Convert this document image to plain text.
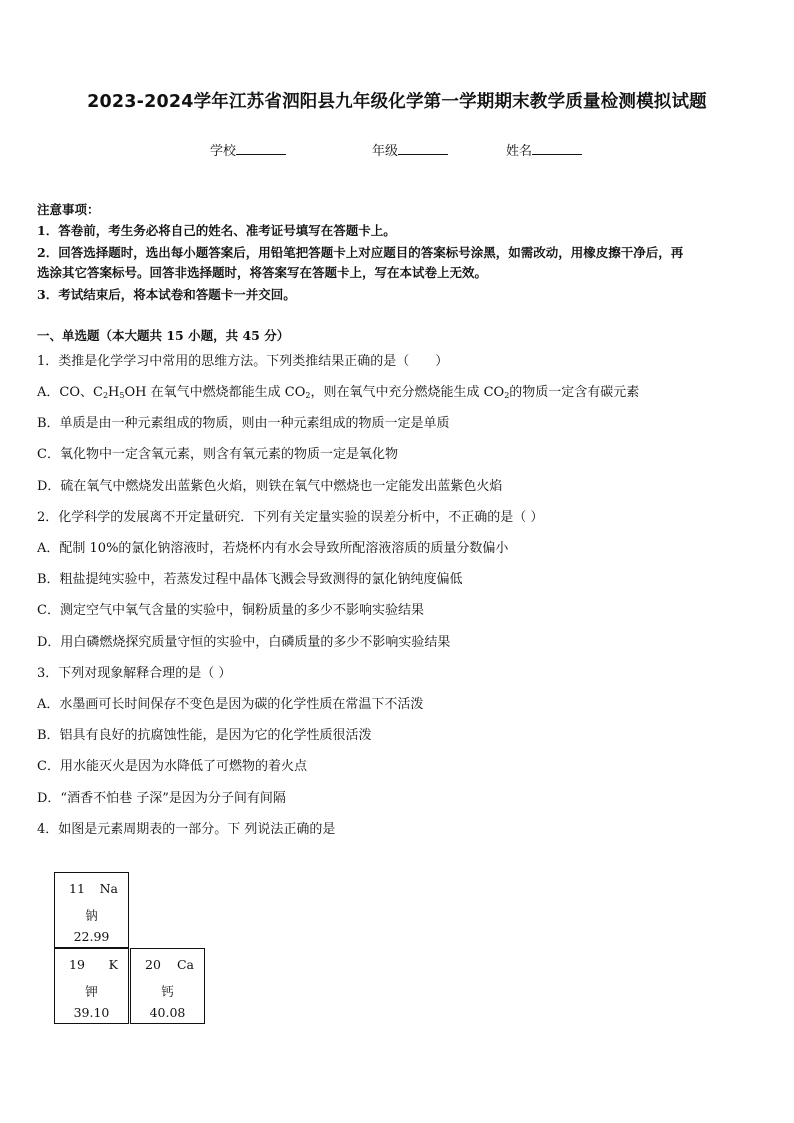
2023-2024学年江苏省泗阳县九年级化学第一学期期末教学质量检测模拟试题
学校	年级	姓名
注意事项：
1．答卷前，考生务必将自己的姓名、准考证号填写在答题卡上。
2．回答选择题时，选出每小题答案后，用铅笔把答题卡上对应题目的答案标号涂黑，如需改动，用橡皮擦干净后，再
选涂其它答案标号。回答非选择题时，将答案写在答题卡上，写在本试卷上无效。
3．考试结束后，将本试卷和答题卡一并交回。
一、单选题（本大题共 15 小题，共 45 分）
1．类推是化学学习中常用的思维方法。下列类推结果正确的是（　　）
A．CO、$C_2H_5OH$ 在氧气中燃烧都能生成 $CO_2$，则在氧气中充分燃烧能生成 $CO_2$的物质一定含有碳元素
B．单质是由一种元素组成的物质，则由一种元素组成的物质一定是单质
C．氧化物中一定含氧元素，则含有氧元素的物质一定是氧化物
D．硫在氧气中燃烧发出蓝紫色火焰，则铁在氧气中燃烧也一定能发出蓝紫色火焰
2．化学科学的发展离不开定量研究．下列有关定量实验的误差分析中，不正确的是（ ）
A．配制 10%的氯化钠溶液时，若烧杯内有水会导致所配溶液溶质的质量分数偏小
B．粗盐提纯实验中，若蒸发过程中晶体飞溅会导致测得的氯化钠纯度偏低
C．测定空气中氧气含量的实验中，铜粉质量的多少不影响实验结果
D．用白磷燃烧探究质量守恒的实验中，白磷质量的多少不影响实验结果
3．下列对现象解释合理的是（ ）
A．水墨画可长时间保存不变色是因为碳的化学性质在常温下不活泼
B．铝具有良好的抗腐蚀性能，是因为它的化学性质很活泼
C．用水能灭火是因为水降低了可燃物的着火点
D．“酒香不怕巷 子深”是因为分子间有间隔
4．如图是元素周期表的一部分。下 列说法正确的是
11 Na
钠
22.99
19 K
钾
39.10
20 Ca
钙
40.08
